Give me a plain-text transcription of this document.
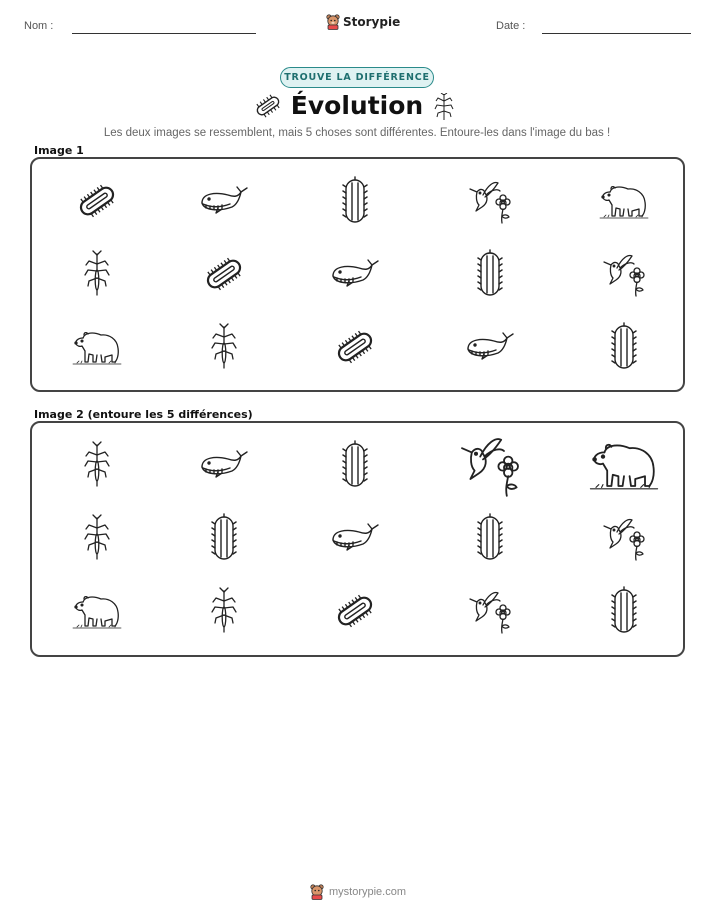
Nom :	Storypie	Date :
TROUVE LA DIFFÉRENCE
Évolution
Les deux images se ressemblent, mais 5 choses sont différentes. Entoure-les dans l'image du bas !
Image 1
Image 2 (entoure les 5 différences)
mystorypie.com
